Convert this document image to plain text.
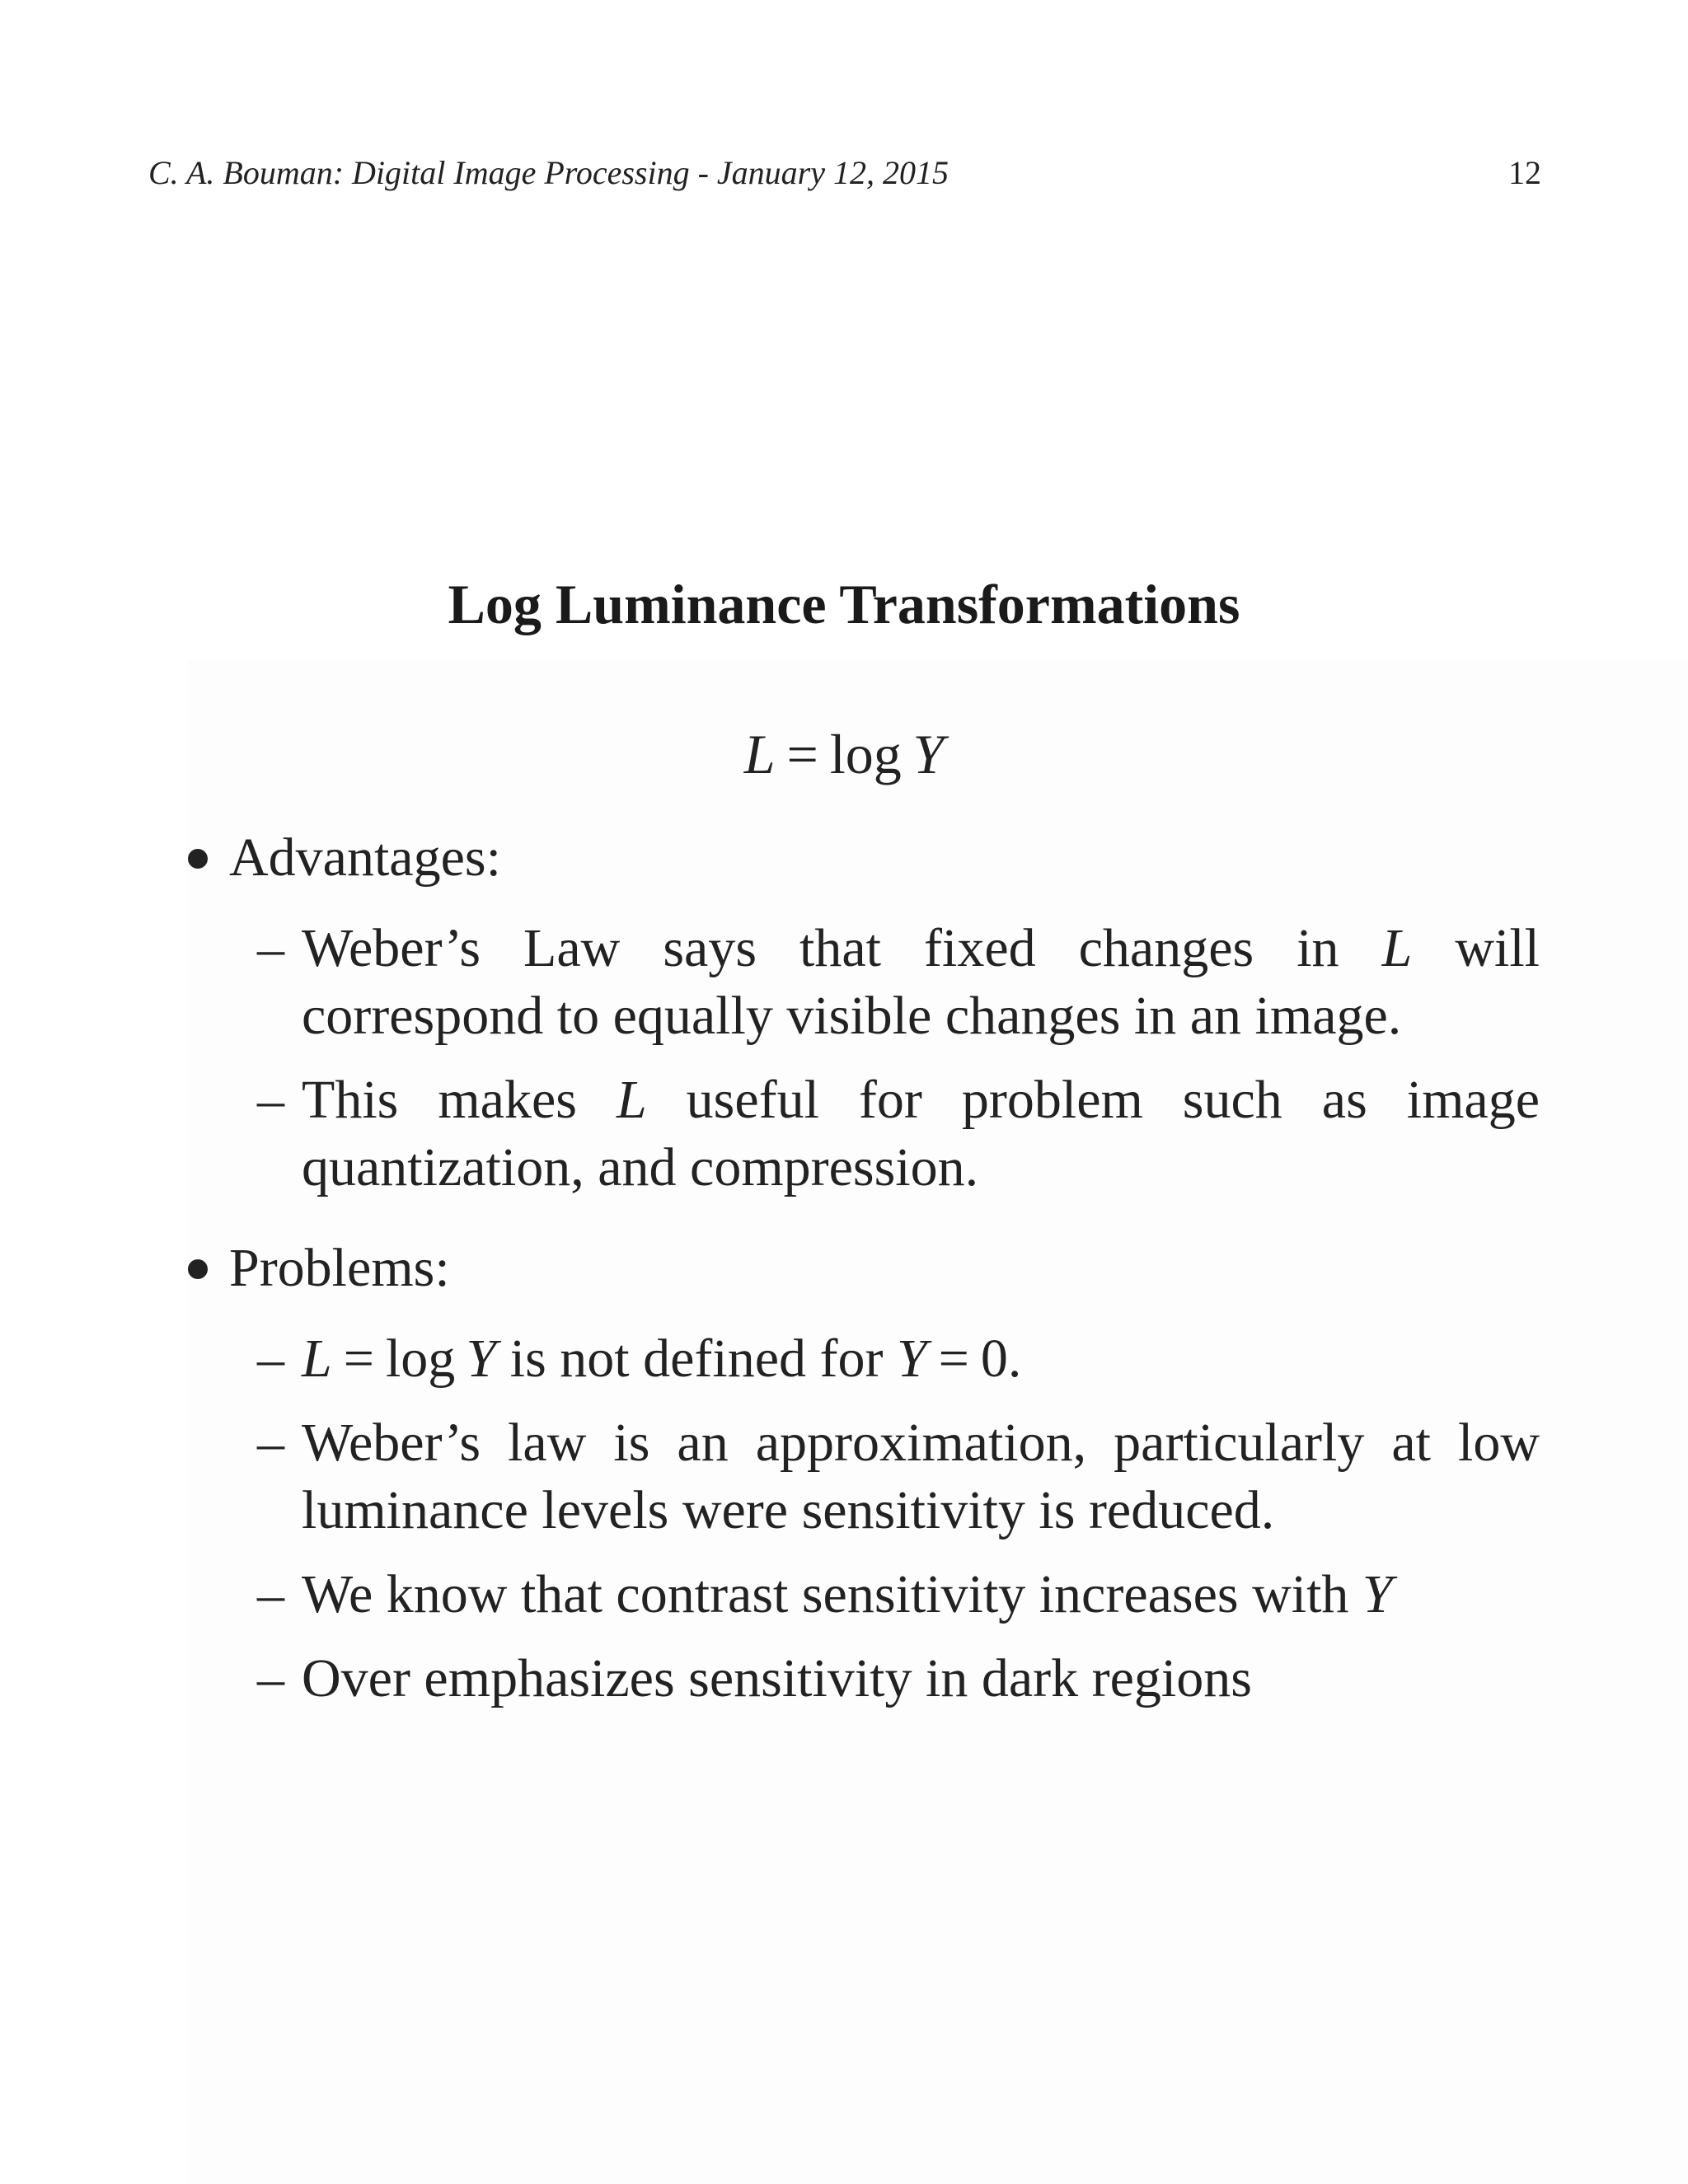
C. A. Bouman: Digital Image Processing - January 12, 2015	12
Log Luminance Transformations
L = log  Y
Advantages:
– Weber’s Law says that fixed changes in L will correspond to equally visible changes in an image.
– This makes L useful for problem such as image quantization, and compression.
Problems:
– L = log  Y is not defined for Y = 0.
– Weber’s law is an approximation, particularly at low luminance levels were sensitivity is reduced.
– We know that contrast sensitivity increases with Y
– Over emphasizes sensitivity in dark regions
